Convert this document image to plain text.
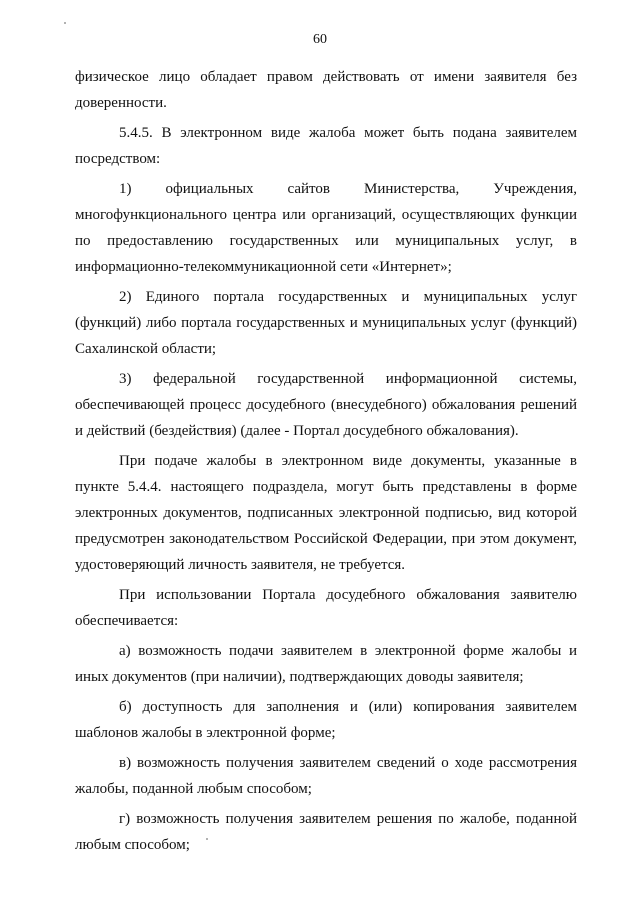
60

физическое лицо обладает правом действовать от имени заявителя без доверенности.

5.4.5. В электронном виде жалоба может быть подана заявителем посредством:

1) официальных сайтов Министерства, Учреждения, многофункционального центра или организаций, осуществляющих функции по предоставлению государственных или муниципальных услуг, в информационно-телекоммуникационной сети «Интернет»;

2) Единого портала государственных и муниципальных услуг (функций) либо портала государственных и муниципальных услуг (функций) Сахалинской области;

3) федеральной государственной информационной системы, обеспечивающей процесс досудебного (внесудебного) обжалования решений и действий (бездействия) (далее - Портал досудебного обжалования).

При подаче жалобы в электронном виде документы, указанные в пункте 5.4.4. настоящего подраздела, могут быть представлены в форме электронных документов, подписанных электронной подписью, вид которой предусмотрен законодательством Российской Федерации, при этом документ, удостоверяющий личность заявителя, не требуется.

При использовании Портала досудебного обжалования заявителю обеспечивается:

а) возможность подачи заявителем в электронной форме жалобы и иных документов (при наличии), подтверждающих доводы заявителя;

б) доступность для заполнения и (или) копирования заявителем шаблонов жалобы в электронной форме;

в) возможность получения заявителем сведений о ходе рассмотрения жалобы, поданной любым способом;

г) возможность получения заявителем решения по жалобе, поданной любым способом;
